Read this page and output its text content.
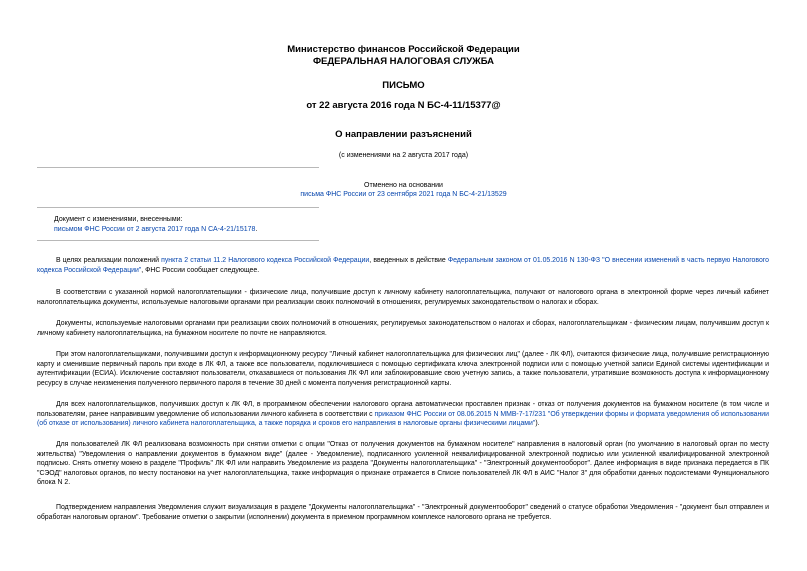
Министерство финансов Российской Федерации
ФЕДЕРАЛЬНАЯ НАЛОГОВАЯ СЛУЖБА
ПИСЬМО
от 22 августа 2016 года N БС-4-11/15377@
О направлении разъяснений
(с изменениями на 2 августа 2017 года)
Отменено на основании
письма ФНС России от 23 сентября 2021 года N БС-4-21/13529
Документ с изменениями, внесенными:
письмом ФНС России от 2 августа 2017 года N СА-4-21/15178.

В целях реализации положений пункта 2 статьи 11.2 Налогового кодекса Российской Федерации, введенных в действие Федеральным законом от 01.05.2016 N 130-ФЗ "О внесении изменений в часть первую Налогового кодекса Российской Федерации", ФНС России сообщает следующее.

В соответствии с указанной нормой налогоплательщики - физические лица, получившие доступ к личному кабинету налогоплательщика, получают от налогового органа в электронной форме через личный кабинет налогоплательщика документы, используемые налоговыми органами при реализации своих полномочий в отношениях, регулируемых законодательством о налогах и сборах.

Документы, используемые налоговыми органами при реализации своих полномочий в отношениях, регулируемых законодательством о налогах и сборах, налогоплательщикам - физическим лицам, получившим доступ к личному кабинету налогоплательщика, на бумажном носителе по почте не направляются.

При этом налогоплательщиками, получившими доступ к информационному ресурсу "Личный кабинет налогоплательщика для физических лиц" (далее - ЛК ФЛ), считаются физические лица, получившие регистрационную карту и сменившие первичный пароль при входе в ЛК ФЛ, а также все пользователи, подключившиеся с помощью сертификата ключа электронной подписи или с помощью учетной записи Единой системы идентификации и аутентификации (ЕСИА). Исключение составляют пользователи, отказавшиеся от пользования ЛК ФЛ или заблокировавшие свою учетную запись, а также пользователи, утратившие возможность доступа к информационному ресурсу в случае неизменения полученного первичного пароля в течение 30 дней с момента получения регистрационной карты.

Для всех налогоплательщиков, получивших доступ к ЛК ФЛ, в программном обеспечении налогового органа автоматически проставлен признак - отказ от получения документов на бумажном носителе (в том числе и пользователям, ранее направившим уведомление об использовании личного кабинета в соответствии с приказом ФНС России от 08.06.2015 N ММВ-7-17/231 "Об утверждении формы и формата уведомления об использовании (об отказе от использования) личного кабинета налогоплательщика, а также порядка и сроков его направления в налоговые органы физическими лицами").

Для пользователей ЛК ФЛ реализована возможность при снятии отметки с опции "Отказ от получения документов на бумажном носителе" направления в налоговый орган (по умолчанию в налоговый орган по месту жительства) "Уведомления о направлении документов в бумажном виде" (далее - Уведомление), подписанного усиленной неквалифицированной электронной подписью или усиленной квалифицированной электронной подписью. Снять отметку можно в разделе "Профиль" ЛК ФЛ или направить Уведомление из раздела "Документы налогоплательщика" - "Электронный документооборот". Далее информация в виде признака передается в ПК "СЭОД" налоговых органов, по месту постановки на учет налогоплательщика, также информация о признаке отражается в Списке пользователей ЛК ФЛ в АИС "Налог 3" для обработки данных подсистемами Функционального блока N 2.

Подтверждением направления Уведомления служит визуализация в разделе "Документы налогоплательщика" - "Электронный документооборот" сведений о статусе обработки Уведомления - "документ был отправлен и обработан налоговым органом". Требование отметки о закрытии (исполнении) документа в приемном программном комплексе налогового органа не требуется.
